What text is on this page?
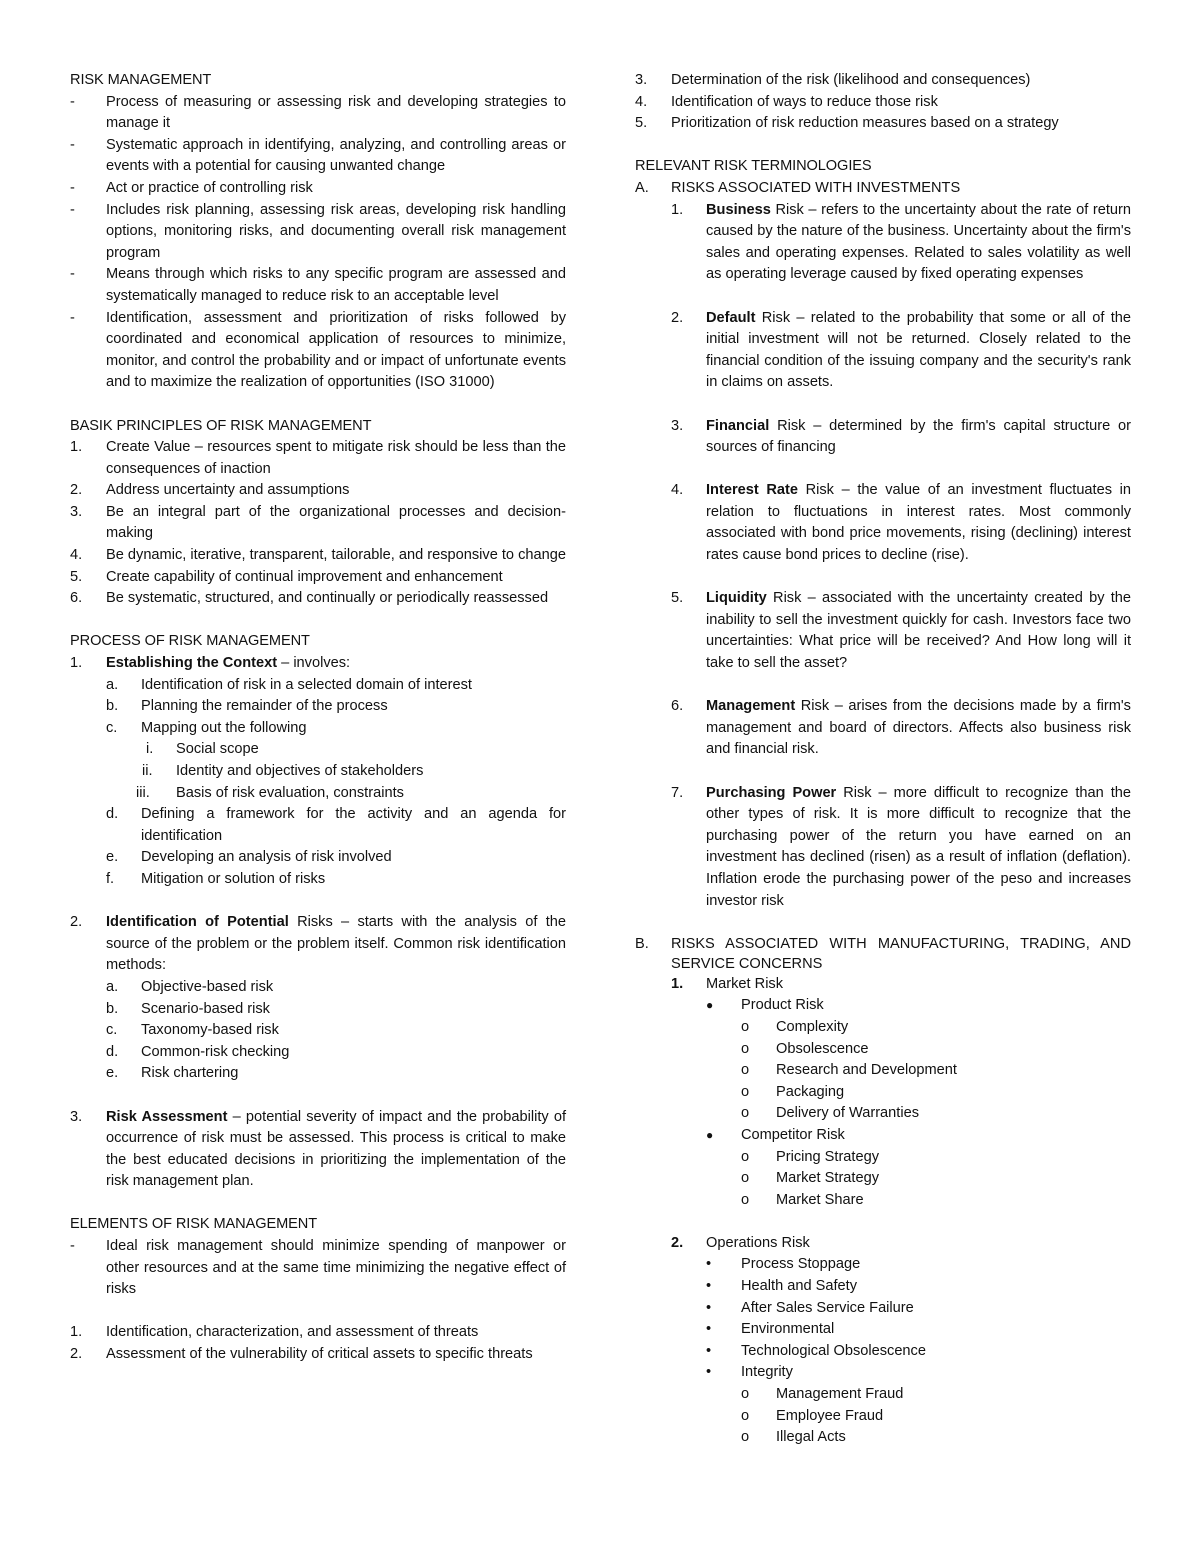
RISK MANAGEMENT
- Process of measuring or assessing risk and developing strategies to manage it
- Systematic approach in identifying, analyzing, and controlling areas or events with a potential for causing unwanted change
- Act or practice of controlling risk
- Includes risk planning, assessing risk areas, developing risk handling options, monitoring risks, and documenting overall risk management program
- Means through which risks to any specific program are assessed and systematically managed to reduce risk to an acceptable level
- Identification, assessment and prioritization of risks followed by coordinated and economical application of resources to minimize, monitor, and control the probability and or impact of unfortunate events and to maximize the realization of opportunities (ISO 31000)
BASIK PRINCIPLES OF RISK MANAGEMENT
1. Create Value – resources spent to mitigate risk should be less than the consequences of inaction
2. Address uncertainty and assumptions
3. Be an integral part of the organizational processes and decision-making
4. Be dynamic, iterative, transparent, tailorable, and responsive to change
5. Create capability of continual improvement and enhancement
6. Be systematic, structured, and continually or periodically reassessed
PROCESS OF RISK MANAGEMENT
1. Establishing the Context – involves:
a. Identification of risk in a selected domain of interest
b. Planning the remainder of the process
c. Mapping out the following
i. Social scope
ii. Identity and objectives of stakeholders
iii. Basis of risk evaluation, constraints
d. Defining a framework for the activity and an agenda for identification
e. Developing an analysis of risk involved
f. Mitigation or solution of risks
2. Identification of Potential Risks – starts with the analysis of the source of the problem or the problem itself. Common risk identification methods:
a. Objective-based risk
b. Scenario-based risk
c. Taxonomy-based risk
d. Common-risk checking
e. Risk chartering
3. Risk Assessment – potential severity of impact and the probability of occurrence of risk must be assessed. This process is critical to make the best educated decisions in prioritizing the implementation of the risk management plan.
ELEMENTS OF RISK MANAGEMENT
- Ideal risk management should minimize spending of manpower or other resources and at the same time minimizing the negative effect of risks
1. Identification, characterization, and assessment of threats
2. Assessment of the vulnerability of critical assets to specific threats
3. Determination of the risk (likelihood and consequences)
4. Identification of ways to reduce those risk
5. Prioritization of risk reduction measures based on a strategy
RELEVANT RISK TERMINOLOGIES
A. RISKS ASSOCIATED WITH INVESTMENTS
1. Business Risk – refers to the uncertainty about the rate of return caused by the nature of the business. Uncertainty about the firm's sales and operating expenses. Related to sales volatility as well as operating leverage caused by fixed operating expenses
2. Default Risk – related to the probability that some or all of the initial investment will not be returned. Closely related to the financial condition of the issuing company and the security's rank in claims on assets.
3. Financial Risk – determined by the firm's capital structure or sources of financing
4. Interest Rate Risk – the value of an investment fluctuates in relation to fluctuations in interest rates. Most commonly associated with bond price movements, rising (declining) interest rates cause bond prices to decline (rise).
5. Liquidity Risk – associated with the uncertainty created by the inability to sell the investment quickly for cash. Investors face two uncertainties: What price will be received? And How long will it take to sell the asset?
6. Management Risk – arises from the decisions made by a firm's management and board of directors. Affects also business risk and financial risk.
7. Purchasing Power Risk – more difficult to recognize than the other types of risk. It is more difficult to recognize that the purchasing power of the return you have earned on an investment has declined (risen) as a result of inflation (deflation). Inflation erode the purchasing power of the peso and increases investor risk
B. RISKS ASSOCIATED WITH MANUFACTURING, TRADING, AND SERVICE CONCERNS
1. Market Risk
● Product Risk
o Complexity
o Obsolescence
o Research and Development
o Packaging
o Delivery of Warranties
● Competitor Risk
o Pricing Strategy
o Market Strategy
o Market Share
2. Operations Risk
• Process Stoppage
• Health and Safety
• After Sales Service Failure
• Environmental
• Technological Obsolescence
• Integrity
o Management Fraud
o Employee Fraud
o Illegal Acts
